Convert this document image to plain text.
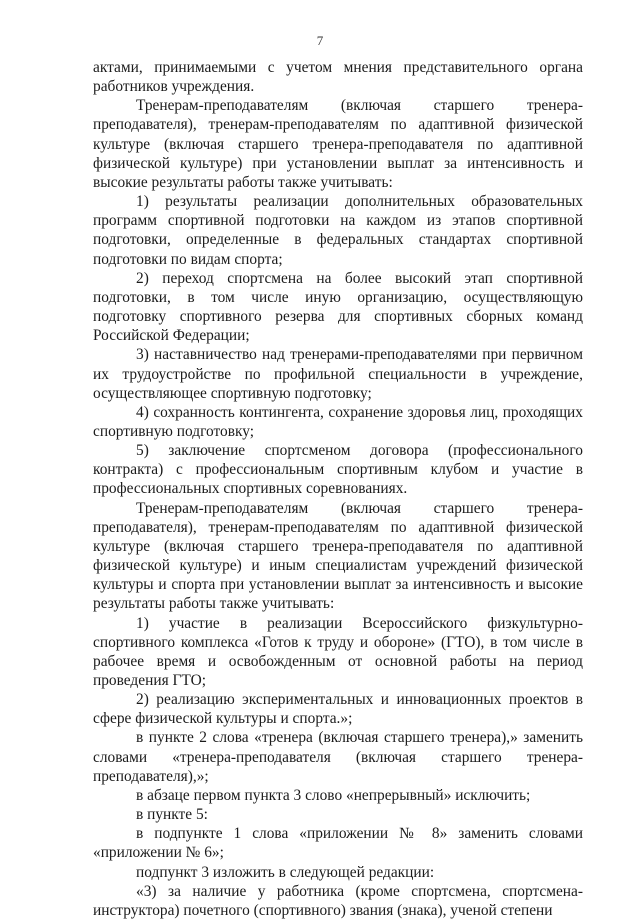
7

актами, принимаемыми с учетом мнения представительного органа работников учреждения.

Тренерам-преподавателям (включая старшего тренера-преподавателя), тренерам-преподавателям по адаптивной физической культуре (включая старшего тренера-преподавателя по адаптивной физической культуре) при установлении выплат за интенсивность и высокие результаты работы также учитывать:

1) результаты реализации дополнительных образовательных программ спортивной подготовки на каждом из этапов спортивной подготовки, определенные в федеральных стандартах спортивной подготовки по видам спорта;

2) переход спортсмена на более высокий этап спортивной подготовки, в том числе иную организацию, осуществляющую подготовку спортивного резерва для спортивных сборных команд Российской Федерации;

3) наставничество над тренерами-преподавателями при первичном их трудоустройстве по профильной специальности в учреждение, осуществляющее спортивную подготовку;

4) сохранность контингента, сохранение здоровья лиц, проходящих спортивную подготовку;

5) заключение спортсменом договора (профессионального контракта) с профессиональным спортивным клубом и участие в профессиональных спортивных соревнованиях.

Тренерам-преподавателям (включая старшего тренера-преподавателя), тренерам-преподавателям по адаптивной физической культуре (включая старшего тренера-преподавателя по адаптивной физической культуре) и иным специалистам учреждений физической культуры и спорта при установлении выплат за интенсивность и высокие результаты работы также учитывать:

1) участие в реализации Всероссийского физкультурно-спортивного комплекса «Готов к труду и обороне» (ГТО), в том числе в рабочее время и освобожденным от основной работы на период проведения ГТО;

2) реализацию экспериментальных и инновационных проектов в сфере физической культуры и спорта.»;

в пункте 2 слова «тренера (включая старшего тренера),» заменить словами «тренера-преподавателя (включая старшего тренера-преподавателя),»;

в абзаце первом пункта 3 слово «непрерывный» исключить;

в пункте 5:

в подпункте 1 слова «приложении № 8» заменить словами «приложении № 6»;

подпункт 3 изложить в следующей редакции:

«3) за наличие у работника (кроме спортсмена, спортсмена-инструктора) почетного (спортивного) звания (знака), ученой степени
